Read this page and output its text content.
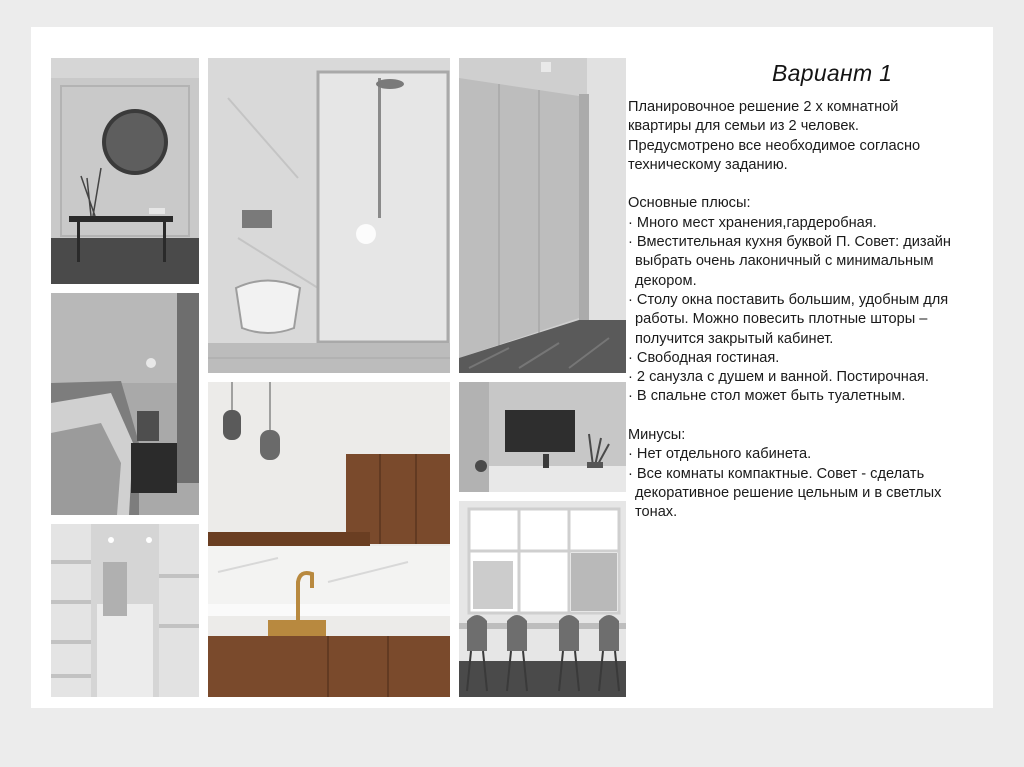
Вариант 1

Планировочное решение 2 х комнатной квартиры для семьи из 2 человек. Предусмотрено все необходимое согласно техническому заданию.

Основные плюсы:

· Много мест хранения,гардеробная.

· Вместительная кухня буквой П. Совет: дизайн выбрать очень лаконичный с минимальным декором.

· Столу окна поставить большим, удобным для работы. Можно повесить плотные шторы – получится закрытый кабинет.

· Свободная гостиная.

· 2 санузла с душем и ванной. Постирочная.

· В спальне стол может быть туалетным.

Минусы:

· Нет отдельного кабинета.

· Все комнаты компактные. Совет - сделать декоративное решение цельным и в светлых тонах.
